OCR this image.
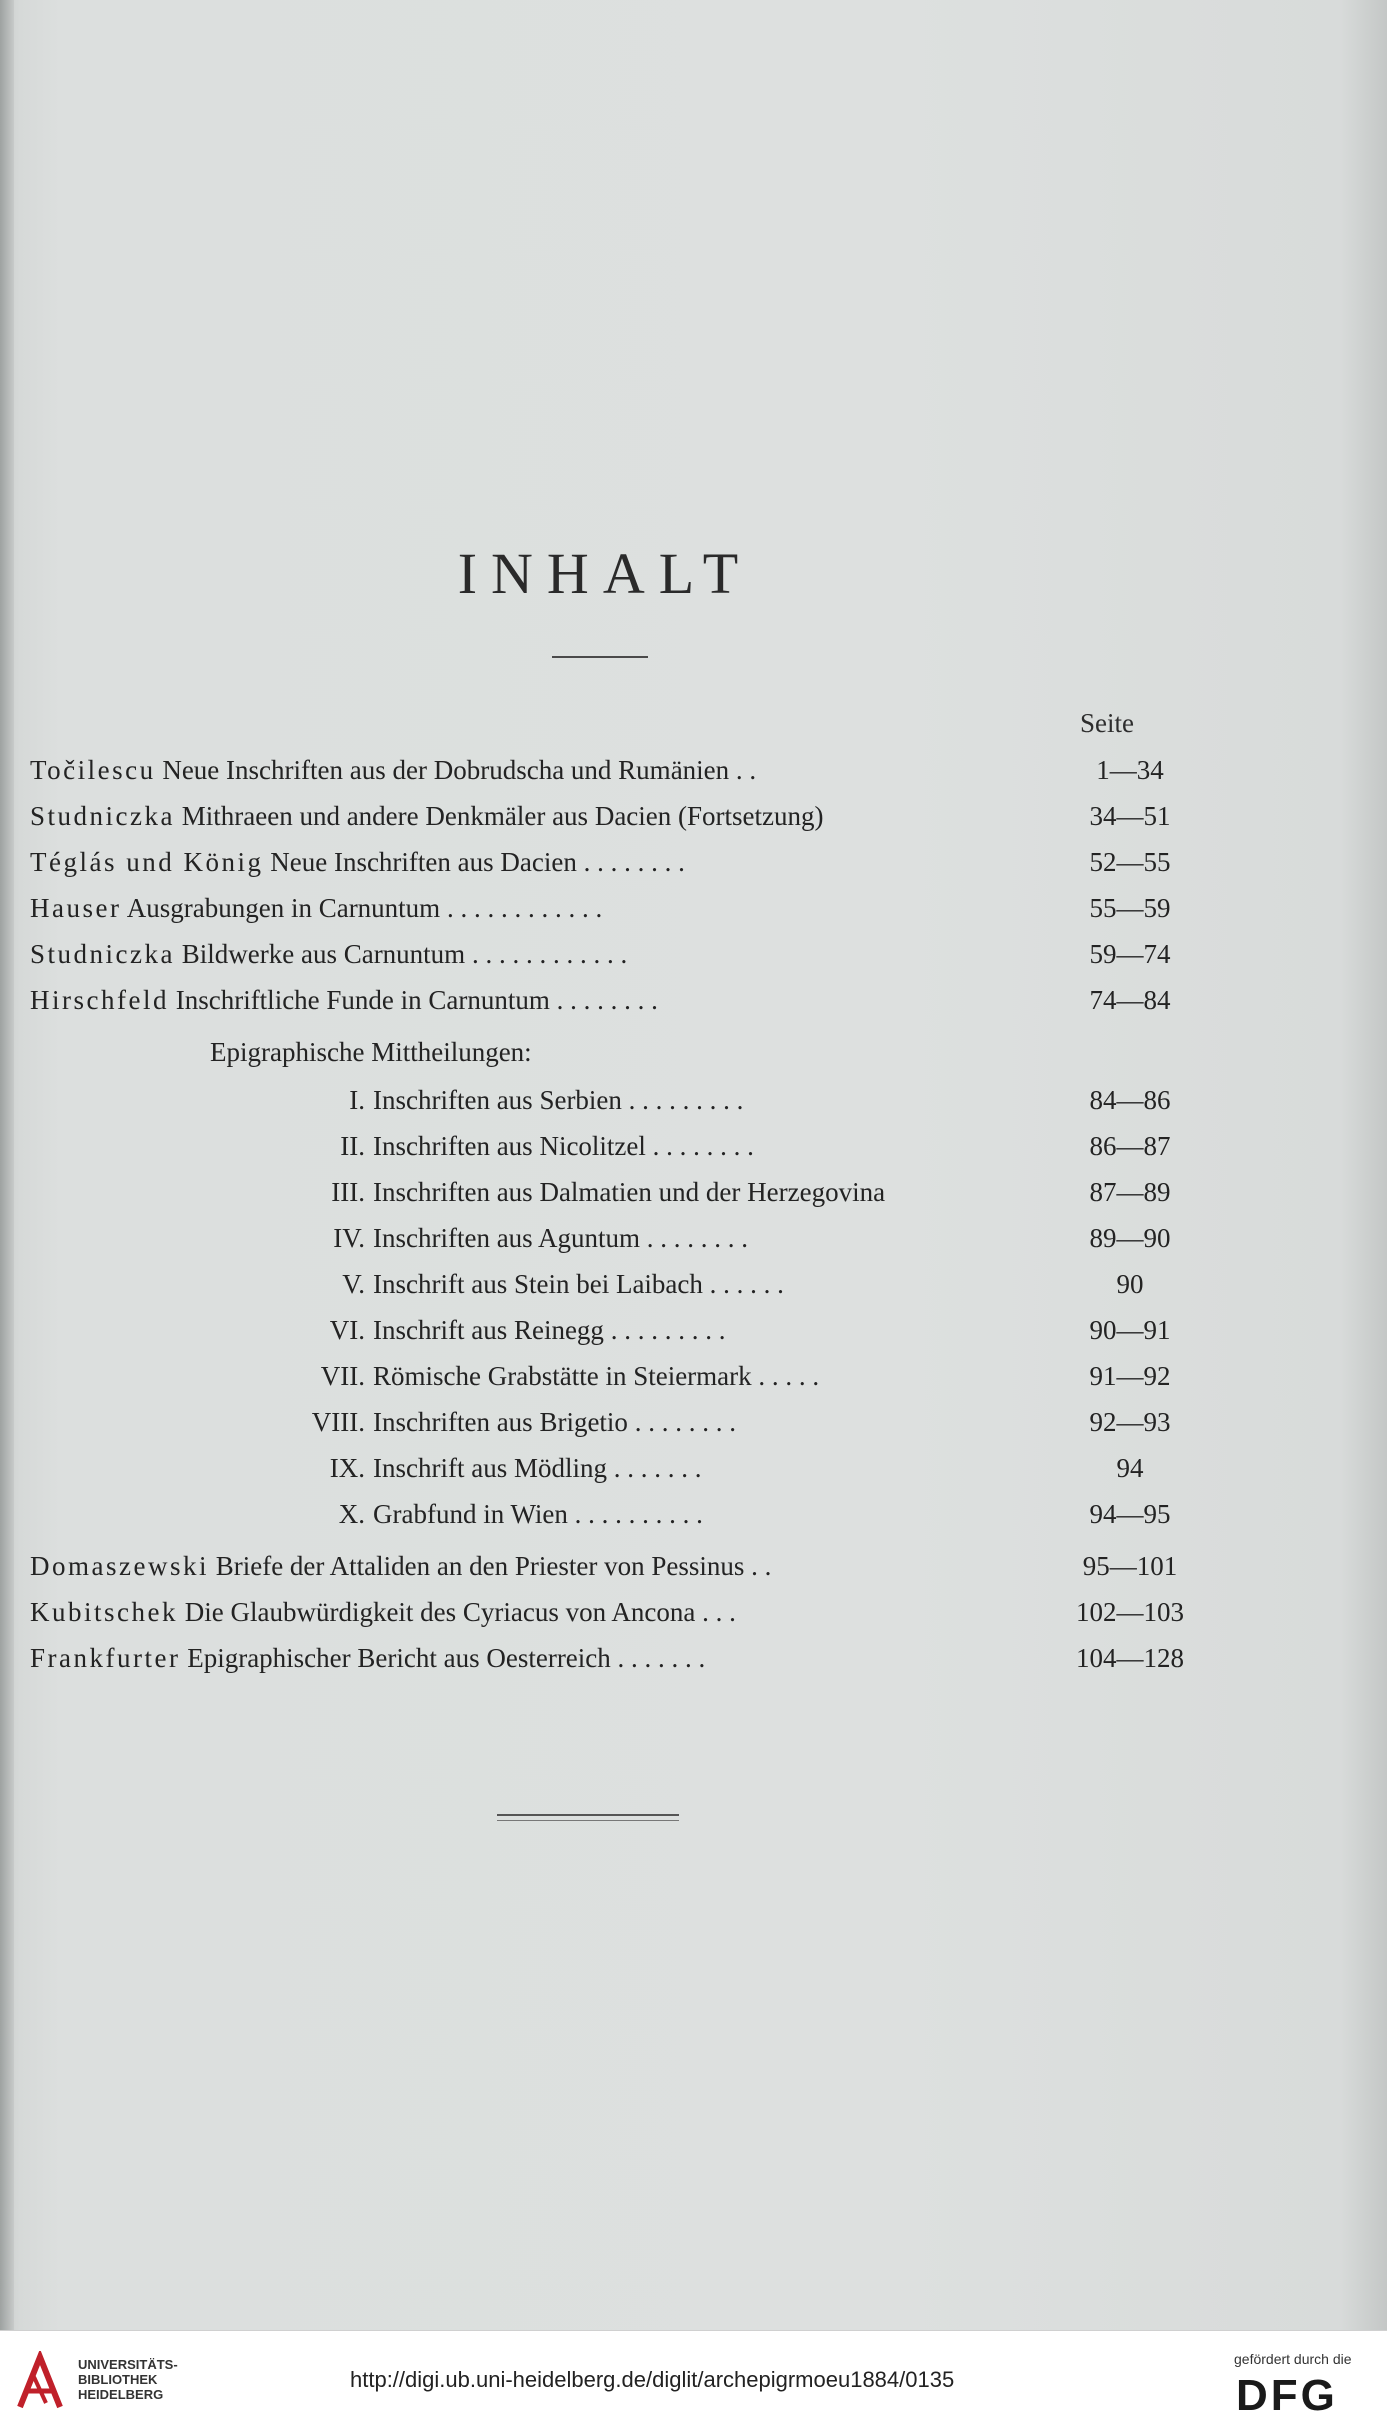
INHALT
Seite
Točilescu Neue Inschriften aus der Dobrudscha und Rumänien . .	1—34
Studniczka Mithraeen und andere Denkmäler aus Dacien (Fortsetzung)	34—51
Téglás und König Neue Inschriften aus Dacien . . . . . . . .	52—55
Hauser Ausgrabungen in Carnuntum . . . . . . . . . . . .	55—59
Studniczka Bildwerke aus Carnuntum . . . . . . . . . . . .	59—74
Hirschfeld Inschriftliche Funde in Carnuntum . . . . . . . .	74—84
Epigraphische Mittheilungen:
I. Inschriften aus Serbien . . . . . . . . .	84—86
II. Inschriften aus Nicolitzel . . . . . . . .	86—87
III. Inschriften aus Dalmatien und der Herzegovina	87—89
IV. Inschriften aus Aguntum . . . . . . . .	89—90
V. Inschrift aus Stein bei Laibach . . . . . .	90
VI. Inschrift aus Reinegg . . . . . . . . .	90—91
VII. Römische Grabstätte in Steiermark . . . . .	91—92
VIII. Inschriften aus Brigetio . . . . . . . .	92—93
IX. Inschrift aus Mödling . . . . . . .	94
X. Grabfund in Wien . . . . . . . . . .	94—95
Domaszewski Briefe der Attaliden an den Priester von Pessinus . .	95—101
Kubitschek Die Glaubwürdigkeit des Cyriacus von Ancona . . .	102—103
Frankfurter Epigraphischer Bericht aus Oesterreich . . . . . . .	104—128
UNIVERSITÄTS-
BIBLIOTHEK
HEIDELBERG
http://digi.ub.uni-heidelberg.de/diglit/archepigrmoeu1884/0135
gefördert durch die
DFG
